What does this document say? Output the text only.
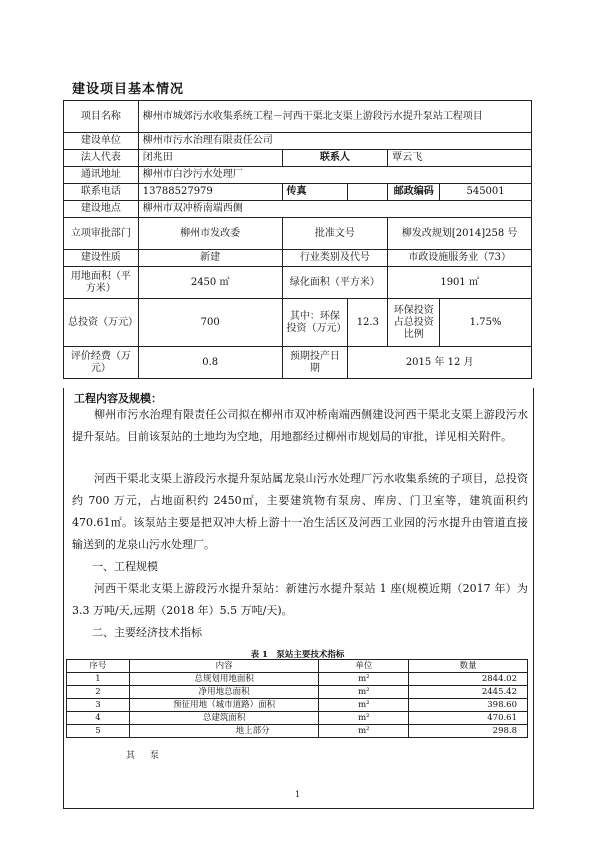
建设项目基本情况
项目名称	柳州市城郊污水收集系统工程－河西干渠北支渠上游段污水提升泵站工程项目				
建设单位	柳州市污水治理有限责任公司				
法人代表	闭兆田	联系人		覃云飞	
通讯地址	柳州市白沙污水处理厂				
联系电话	13788527979	传真		邮政编码	545001
建设地点	柳州市双冲桥南端西侧				
立项审批部门	柳州市发改委	批准文号		柳发改规划[2014]258 号	
建设性质	新建	行业类别及代号		市政设施服务业（73）	
用地面积（平方米）	2450 ㎡	绿化面积（平方米）		1901 ㎡	
总投资（万元）	700	其中：环保投资（万元）	12.3	环保投资占总投资比例	1.75%
评价经费（万元）	0.8	预期投产日期	2015 年 12 月		
工程内容及规模：
柳州市污水治理有限责任公司拟在柳州市双冲桥南端西侧建设河西干渠北支渠上游段污水提升泵站。目前该泵站的土地均为空地，用地都经过柳州市规划局的审批，详见相关附件。
河西干渠北支渠上游段污水提升泵站属龙泉山污水处理厂污水收集系统的子项目，总投资约 700 万元，占地面积约 2450㎡，主要建筑物有泵房、库房、门卫室等，建筑面积约 470.61㎡。该泵站主要是把双冲大桥上游十一冶生活区及河西工业园的污水提升由管道直接输送到的龙泉山污水处理厂。
一、工程规模
河西干渠北支渠上游段污水提升泵站：新建污水提升泵站 1 座(规模近期（2017 年）为 3.3 万吨/天,远期（2018 年）5.5 万吨/天)。
二、主要经济技术指标
表 1　泵站主要技术指标
序号	内容	单位	数量
1	总规划用地面积	m²	2844.02
2	净用地总面积	m²	2445.42
3	预征用地（城市道路）面积	m²	398.60
4	总建筑面积	m²	470.61
5	地上部分	m²	298.8
其 泵
1
